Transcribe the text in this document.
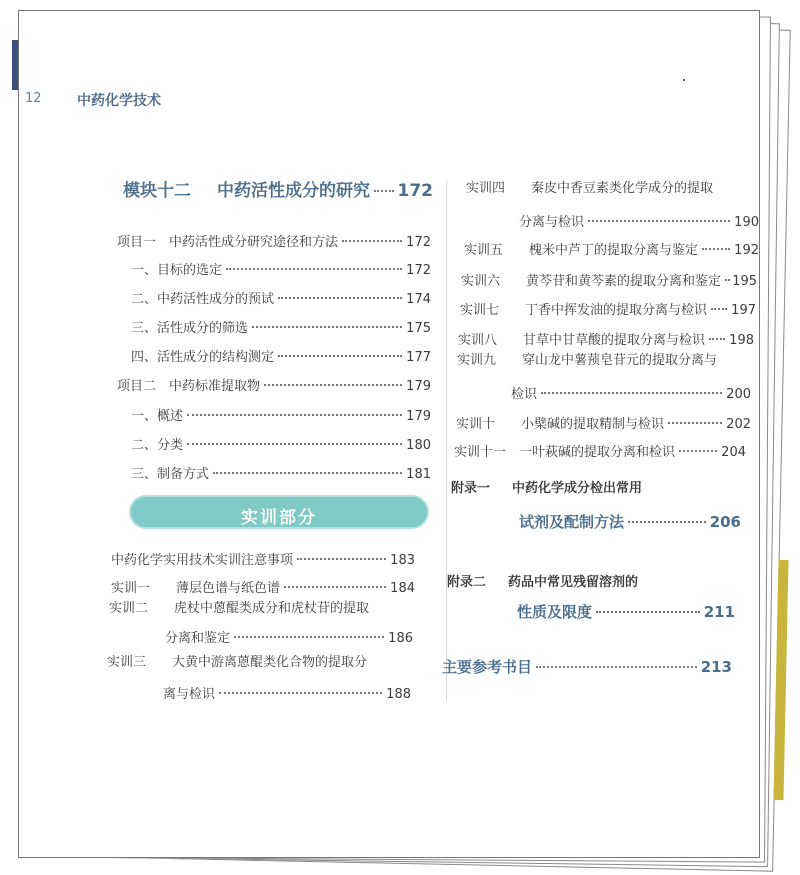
12	中药化学技术
模块十二 中药活性成分的研究 172
项目一　中药活性成分研究途径和方法	172
一、目标的选定	172
二、中药活性成分的预试	174
三、活性成分的筛选	175
四、活性成分的结构测定	177
项目二　中药标准提取物	179
一、概述	179
二、分类	180
三、制备方式	181
实训部分
中药化学实用技术实训注意事项	183
实训一　　薄层色谱与纸色谱	184
实训二　　虎杖中蒽醌类成分和虎杖苷的提取
分离和鉴定	186
实训三　　大黄中游离蒽醌类化合物的提取分
离与检识	188
实训四　　秦皮中香豆素类化学成分的提取
分离与检识	190
实训五　　槐米中芦丁的提取分离与鉴定	192
实训六　　黄芩苷和黄芩素的提取分离和鉴定 195
实训七　　丁香中挥发油的提取分离与检识 197
实训八　　甘草中甘草酸的提取分离与检识 198
实训九　　穿山龙中薯蓣皂苷元的提取分离与
检识	200
实训十　　小檗碱的提取精制与检识	202
实训十一　一叶萩碱的提取分离和检识	204
附录一 中药化学成分检出常用
试剂及配制方法	206
附录二 药品中常见残留溶剂的
性质及限度	211
主要参考书目	213
